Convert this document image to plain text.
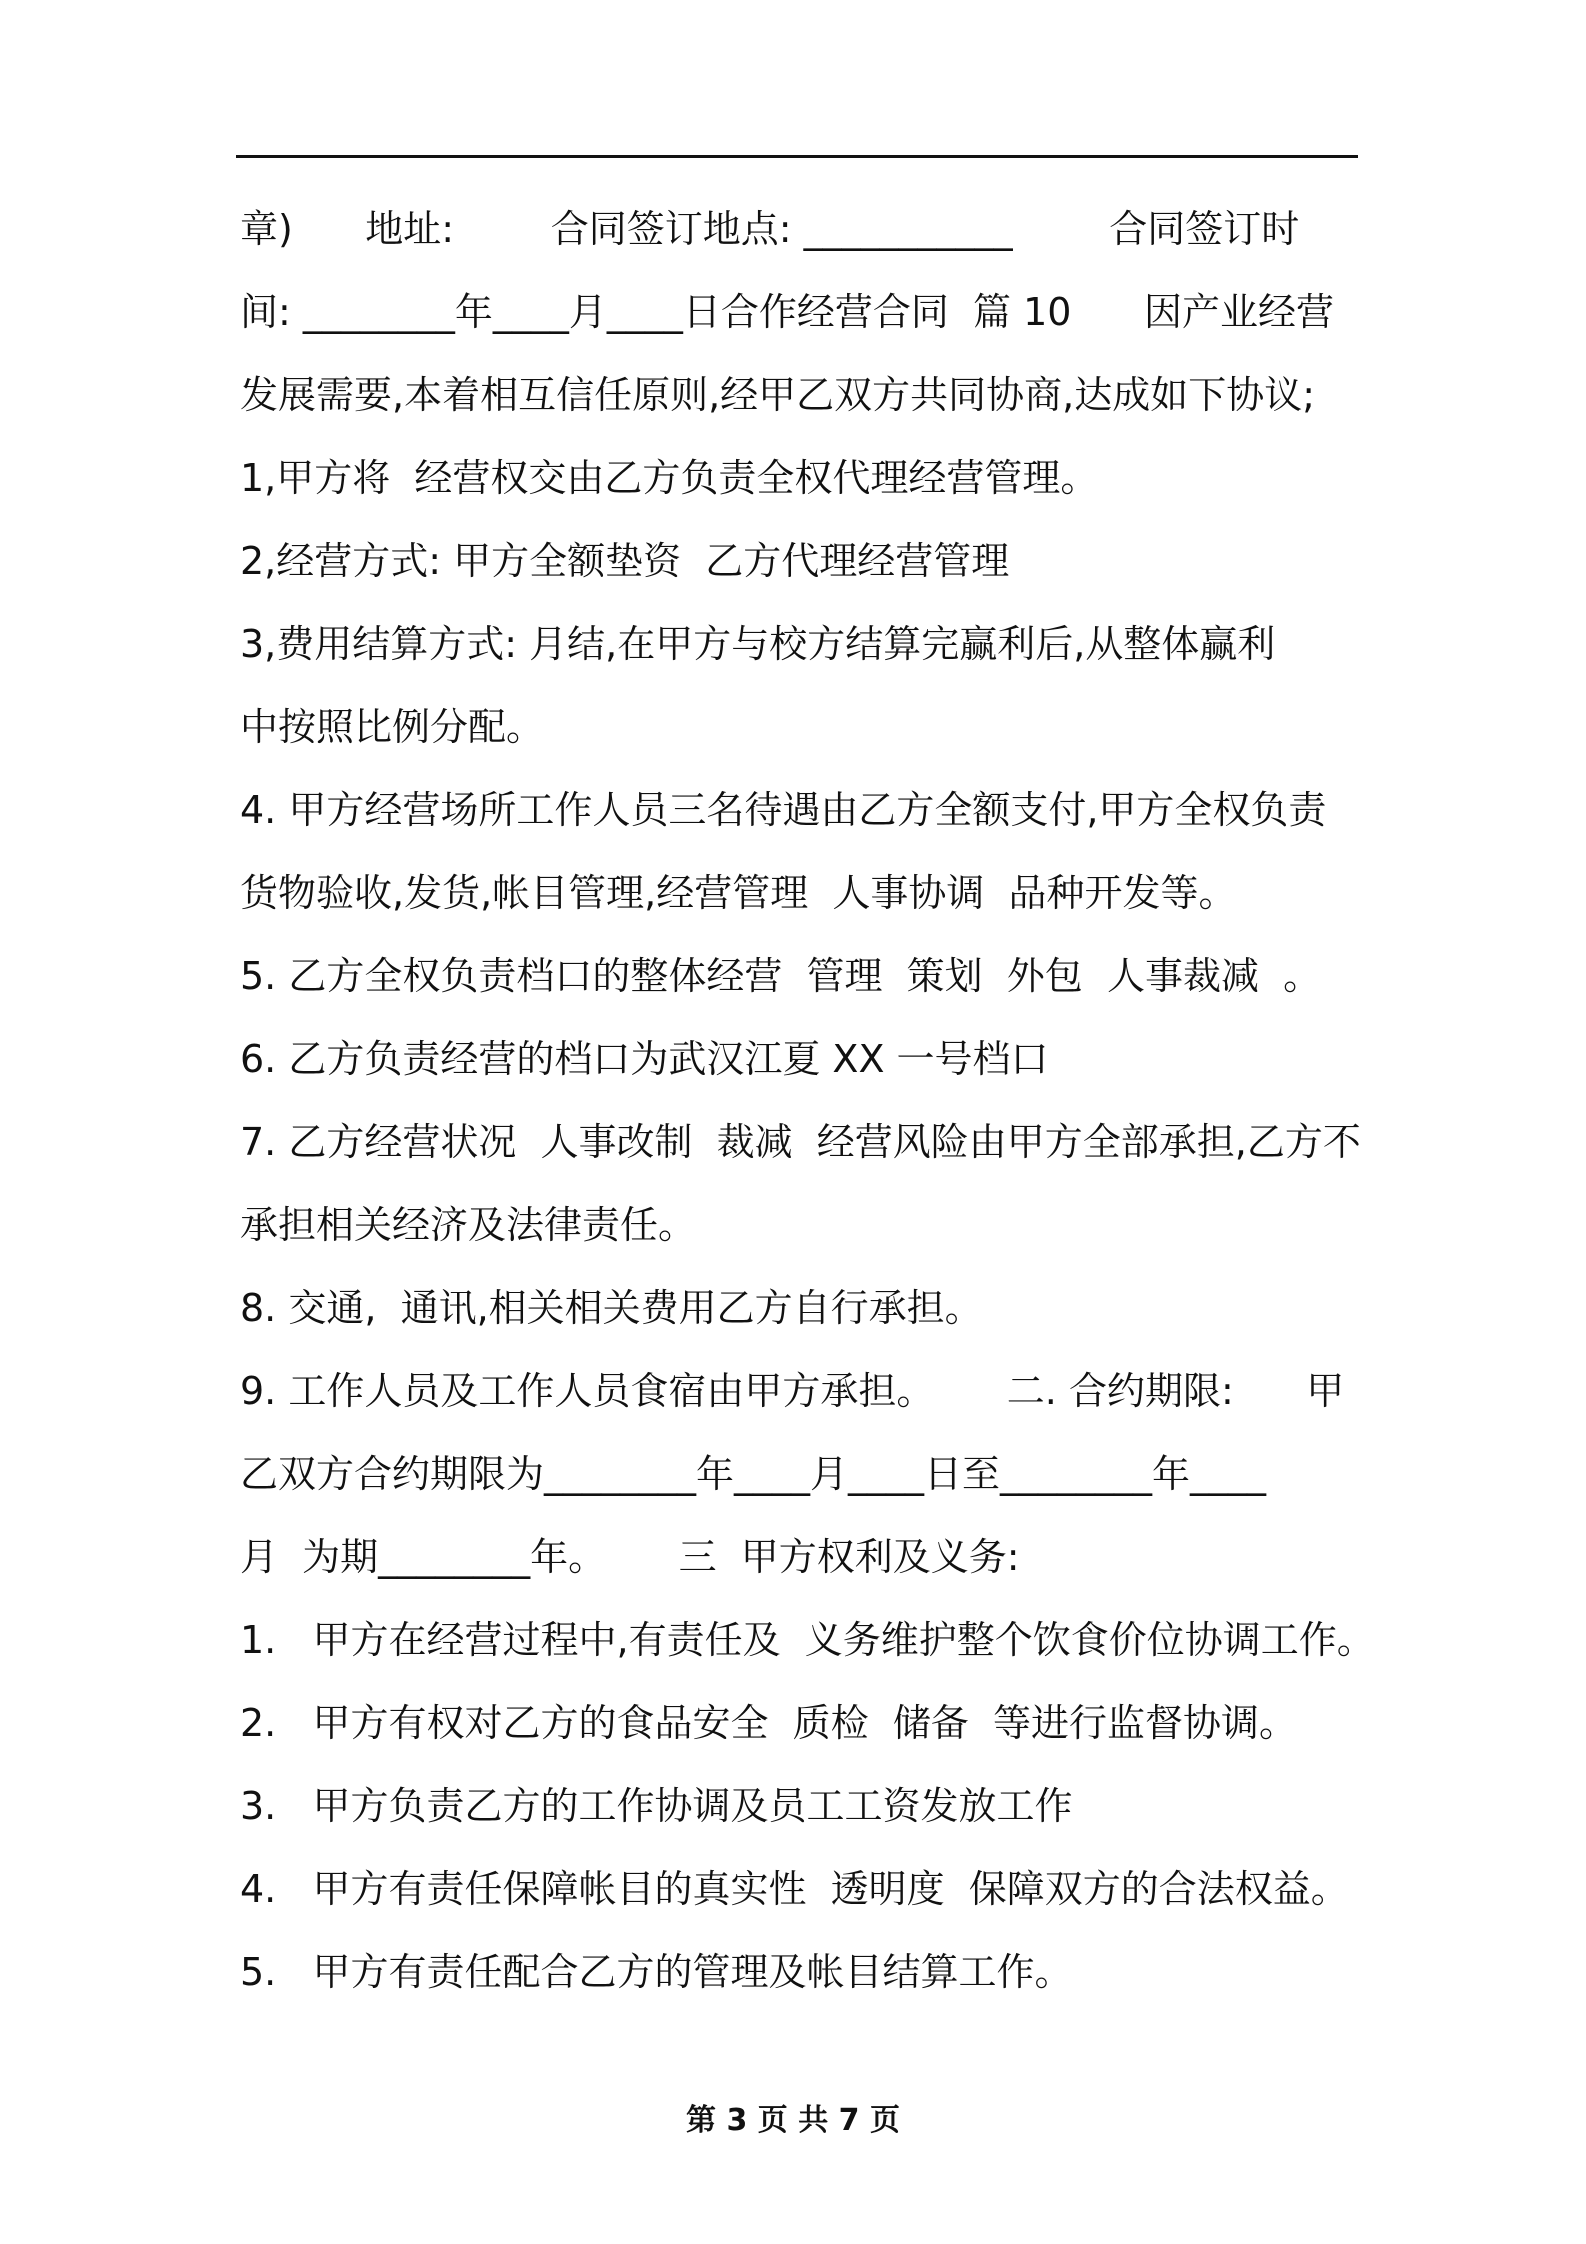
章)      地址:        合同签订地点: ___________        合同签订时
间: ________年____月____日合作经营合同  篇 10      因产业经营
发展需要,本着相互信任原则,经甲乙双方共同协商,达成如下协议;
1,甲方将  经营权交由乙方负责全权代理经营管理。
2,经营方式: 甲方全额垫资  乙方代理经营管理
3,费用结算方式: 月结,在甲方与校方结算完赢利后,从整体赢利
中按照比例分配。
4. 甲方经营场所工作人员三名待遇由乙方全额支付,甲方全权负责
货物验收,发货,帐目管理,经营管理  人事协调  品种开发等。
5. 乙方全权负责档口的整体经营  管理  策划  外包  人事裁减  。
6. 乙方负责经营的档口为武汉江夏 XX 一号档口
7. 乙方经营状况  人事改制  裁减  经营风险由甲方全部承担,乙方不
承担相关经济及法律责任。
8. 交通,  通讯,相关相关费用乙方自行承担。
9. 工作人员及工作人员食宿由甲方承担。      二. 合约期限:      甲
乙双方合约期限为________年____月____日至________年____
月  为期________年。      三  甲方权利及义务:
1.   甲方在经营过程中,有责任及  义务维护整个饮食价位协调工作。
2.   甲方有权对乙方的食品安全  质检  储备  等进行监督协调。
3.   甲方负责乙方的工作协调及员工工资发放工作
4.   甲方有责任保障帐目的真实性  透明度  保障双方的合法权益。
5.   甲方有责任配合乙方的管理及帐目结算工作。
第 3 页 共 7 页
